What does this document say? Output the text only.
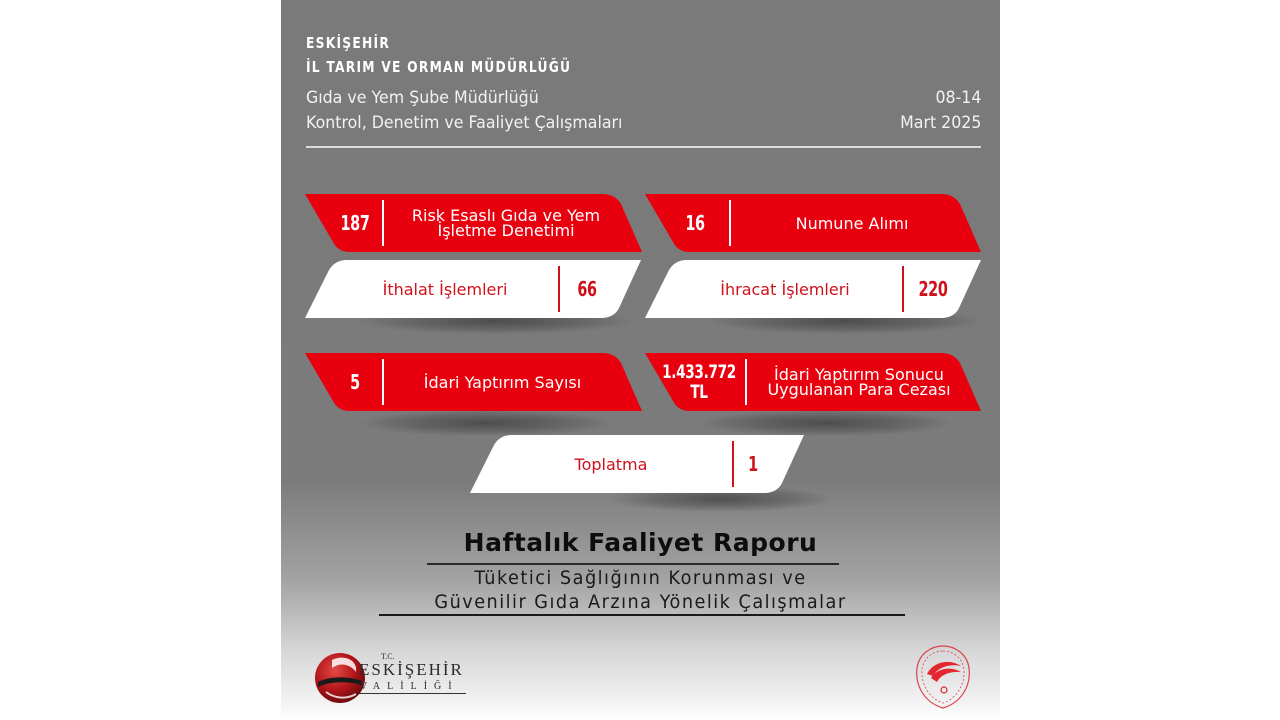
ESKİŞEHİR
İL TARIM VE ORMAN MÜDÜRLÜĞÜ
Gıda ve Yem Şube Müdürlüğü
Kontrol, Denetim ve Faaliyet Çalışmaları
08-14
Mart 2025
187	Risk Esaslı Gıda ve Yem
İşletme Denetimi	16	Numune Alımı
İthalat İşlemleri	66	İhracat İşlemleri	220
5	İdari Yaptırım Sayısı	1.433.772
TL
İdari Yaptırım Sonucu
Uygulanan Para Cezası
Toplatma	1
Haftalık Faaliyet Raporu
Tüketici Sağlığının Korunması ve
Güvenilir Gıda Arzına Yönelik Çalışmalar
T.C.
ESKİŞEHİR
VALİLİĞİ
